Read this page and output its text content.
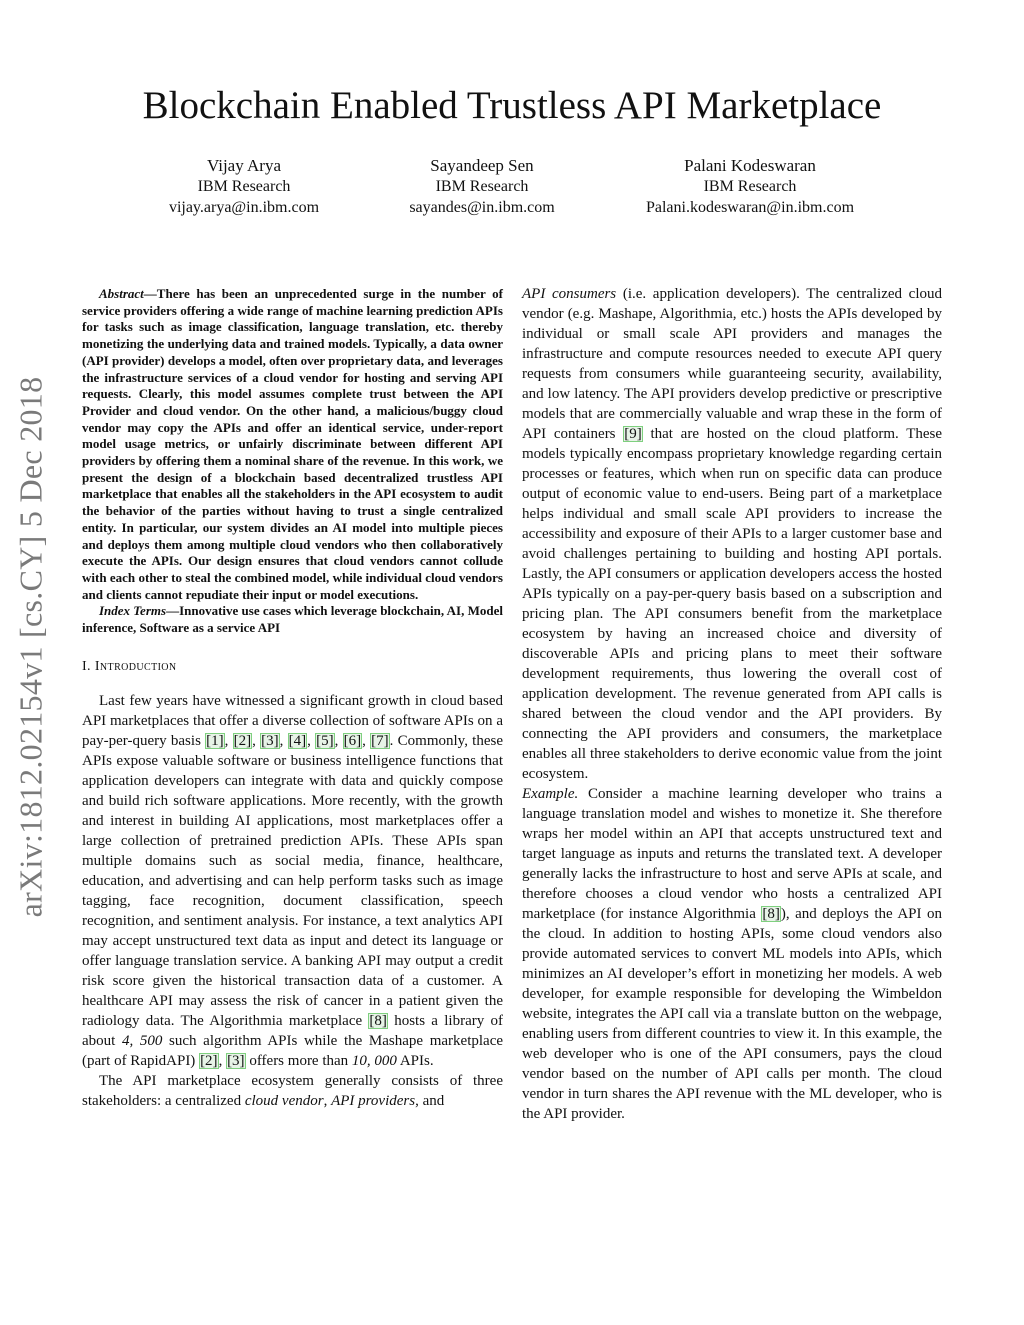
Blockchain Enabled Trustless API Marketplace
Vijay Arya
IBM Research
vijay.arya@in.ibm.com
Sayandeep Sen
IBM Research
sayandes@in.ibm.com
Palani Kodeswaran
IBM Research
Palani.kodeswaran@in.ibm.com
arXiv:1812.02154v1 [cs.CY] 5 Dec 2018

Abstract—There has been an unprecedented surge in the number of service providers offering a wide range of machine learning prediction APIs for tasks such as image classification, language translation, etc. thereby monetizing the underlying data and trained models. Typically, a data owner (API provider) develops a model, often over proprietary data, and leverages the infrastructure services of a cloud vendor for hosting and serving API requests. Clearly, this model assumes complete trust between the API Provider and cloud vendor. On the other hand, a malicious/buggy cloud vendor may copy the APIs and offer an identical service, under-report model usage metrics, or unfairly discriminate between different API providers by offering them a nominal share of the revenue. In this work, we present the design of a blockchain based decentralized trustless API marketplace that enables all the stakeholders in the API ecosystem to audit the behavior of the parties without having to trust a single centralized entity. In particular, our system divides an AI model into multiple pieces and deploys them among multiple cloud vendors who then collaboratively execute the APIs. Our design ensures that cloud vendors cannot collude with each other to steal the combined model, while individual cloud vendors and clients cannot repudiate their input or model executions.

Index Terms—Innovative use cases which leverage blockchain, AI, Model inference, Software as a service API

I. Introduction

Last few years have witnessed a significant growth in cloud based API marketplaces that offer a diverse collection of software APIs on a pay-per-query basis [1], [2], [3], [4], [5], [6], [7]. Commonly, these APIs expose valuable software or business intelligence functions that application developers can integrate with data and quickly compose and build rich software applications. More recently, with the growth and interest in building AI applications, most marketplaces offer a large collection of pretrained prediction APIs. These APIs span multiple domains such as social media, finance, healthcare, education, and advertising and can help perform tasks such as image tagging, face recognition, document classification, speech recognition, and sentiment analysis. For instance, a text analytics API may accept unstructured text data as input and detect its language or offer language translation service. A banking API may output a credit risk score given the historical transaction data of a customer. A healthcare API may assess the risk of cancer in a patient given the radiology data. The Algorithmia marketplace [8] hosts a library of about 4, 500 such algorithm APIs while the Mashape marketplace (part of RapidAPI) [2], [3] offers more than 10, 000 APIs.

The API marketplace ecosystem generally consists of three stakeholders: a centralized cloud vendor, API providers, and

API consumers (i.e. application developers). The centralized cloud vendor (e.g. Mashape, Algorithmia, etc.) hosts the APIs developed by individual or small scale API providers and manages the infrastructure and compute resources needed to execute API query requests from consumers while guaranteeing security, availability, and low latency. The API providers develop predictive or prescriptive models that are commercially valuable and wrap these in the form of API containers [9] that are hosted on the cloud platform. These models typically encompass proprietary knowledge regarding certain processes or features, which when run on specific data can produce output of economic value to end-users. Being part of a marketplace helps individual and small scale API providers to increase the accessibility and exposure of their APIs to a larger customer base and avoid challenges pertaining to building and hosting API portals. Lastly, the API consumers or application developers access the hosted APIs typically on a pay-per-query basis based on a subscription and pricing plan. The API consumers benefit from the marketplace ecosystem by having an increased choice and diversity of discoverable APIs and pricing plans to meet their software development requirements, thus lowering the overall cost of application development. The revenue generated from API calls is shared between the cloud vendor and the API providers. By connecting the API providers and consumers, the marketplace enables all three stakeholders to derive economic value from the joint ecosystem.

Example. Consider a machine learning developer who trains a language translation model and wishes to monetize it. She therefore wraps her model within an API that accepts unstructured text and target language as inputs and returns the translated text. A developer generally lacks the infrastructure to host and serve APIs at scale, and therefore chooses a cloud vendor who hosts a centralized API marketplace (for instance Algorithmia [8]), and deploys the API on the cloud. In addition to hosting APIs, some cloud vendors also provide automated services to convert ML models into APIs, which minimizes an AI developer’s effort in monetizing her models. A web developer, for example responsible for developing the Wimbeldon website, integrates the API call via a translate button on the webpage, enabling users from different countries to view it. In this example, the web developer who is one of the API consumers, pays the cloud vendor based on the number of API calls per month. The cloud vendor in turn shares the API revenue with the ML developer, who is the API provider.
